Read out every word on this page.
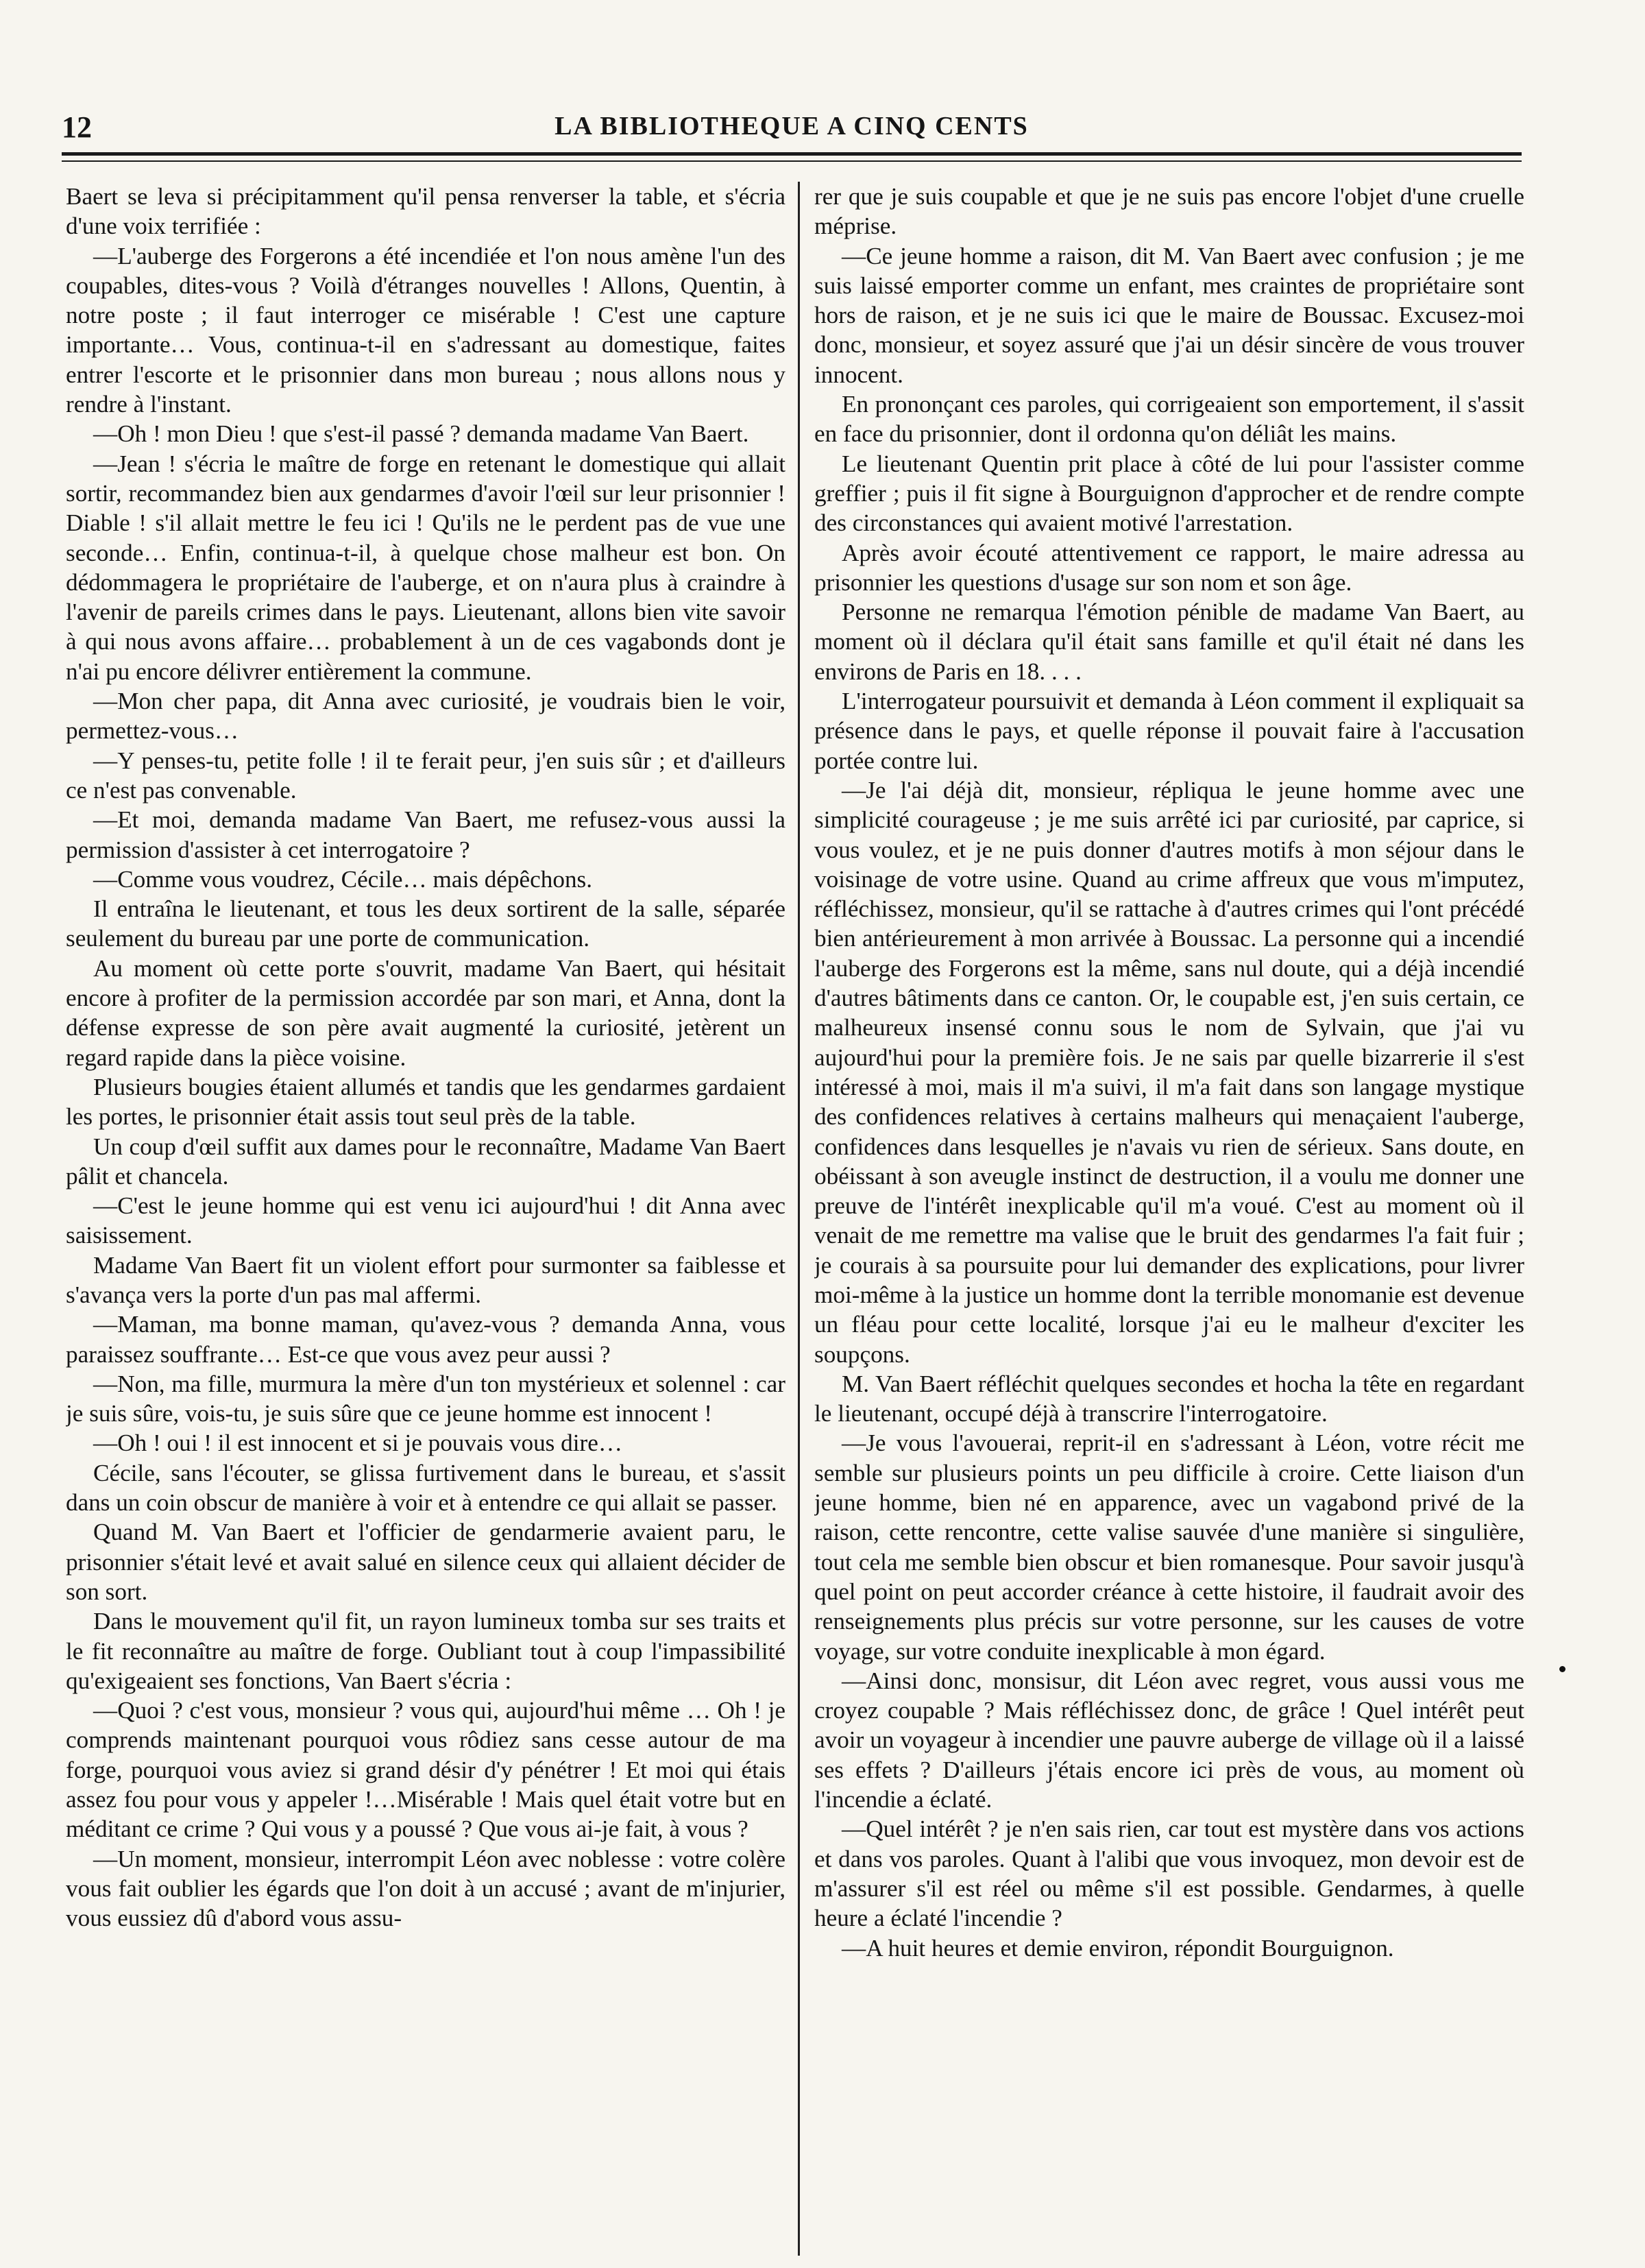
12	LA BIBLIOTHEQUE A CINQ CENTS

Baert se leva si précipitamment qu'il pensa renverser la table, et s'écria d'une voix terrifiée :

—L'auberge des Forgerons a été incendiée et l'on nous amène l'un des coupables, dites-vous ? Voilà d'étranges nouvelles ! Allons, Quentin, à notre poste ; il faut interroger ce misérable ! C'est une capture importante… Vous, continua-t-il en s'adressant au domestique, faites entrer l'escorte et le prisonnier dans mon bureau ; nous allons nous y rendre à l'instant.

—Oh ! mon Dieu ! que s'est-il passé ? demanda madame Van Baert.

—Jean ! s'écria le maître de forge en retenant le domestique qui allait sortir, recommandez bien aux gendarmes d'avoir l'œil sur leur prisonnier ! Diable ! s'il allait mettre le feu ici ! Qu'ils ne le perdent pas de vue une seconde… Enfin, continua-t-il, à quelque chose malheur est bon. On dédommagera le propriétaire de l'auberge, et on n'aura plus à craindre à l'avenir de pareils crimes dans le pays. Lieutenant, allons bien vite savoir à qui nous avons affaire… probablement à un de ces vagabonds dont je n'ai pu encore délivrer entièrement la commune.

—Mon cher papa, dit Anna avec curiosité, je voudrais bien le voir, permettez-vous…

—Y penses-tu, petite folle ! il te ferait peur, j'en suis sûr ; et d'ailleurs ce n'est pas convenable.

—Et moi, demanda madame Van Baert, me refusez-vous aussi la permission d'assister à cet interrogatoire ?

—Comme vous voudrez, Cécile… mais dépêchons.

Il entraîna le lieutenant, et tous les deux sortirent de la salle, séparée seulement du bureau par une porte de communication.

Au moment où cette porte s'ouvrit, madame Van Baert, qui hésitait encore à profiter de la permission accordée par son mari, et Anna, dont la défense expresse de son père avait augmenté la curiosité, jetèrent un regard rapide dans la pièce voisine.

Plusieurs bougies étaient allumés et tandis que les gendarmes gardaient les portes, le prisonnier était assis tout seul près de la table.

Un coup d'œil suffit aux dames pour le reconnaître, Madame Van Baert pâlit et chancela.

—C'est le jeune homme qui est venu ici aujourd'hui ! dit Anna avec saisissement.

Madame Van Baert fit un violent effort pour surmonter sa faiblesse et s'avança vers la porte d'un pas mal affermi.

—Maman, ma bonne maman, qu'avez-vous ? demanda Anna, vous paraissez souffrante… Est-ce que vous avez peur aussi ?

—Non, ma fille, murmura la mère d'un ton mystérieux et solennel : car je suis sûre, vois-tu, je suis sûre que ce jeune homme est innocent !

—Oh ! oui ! il est innocent et si je pouvais vous dire…

Cécile, sans l'écouter, se glissa furtivement dans le bureau, et s'assit dans un coin obscur de manière à voir et à entendre ce qui allait se passer.

Quand M. Van Baert et l'officier de gendarmerie avaient paru, le prisonnier s'était levé et avait salué en silence ceux qui allaient décider de son sort.

Dans le mouvement qu'il fit, un rayon lumineux tomba sur ses traits et le fit reconnaître au maître de forge. Oubliant tout à coup l'impassibilité qu'exigeaient ses fonctions, Van Baert s'écria :

—Quoi ? c'est vous, monsieur ? vous qui, aujourd'hui même … Oh ! je comprends maintenant pourquoi vous rôdiez sans cesse autour de ma forge, pourquoi vous aviez si grand désir d'y pénétrer ! Et moi qui étais assez fou pour vous y appeler !…Misérable ! Mais quel était votre but en méditant ce crime ? Qui vous y a poussé ? Que vous ai-je fait, à vous ?

—Un moment, monsieur, interrompit Léon avec noblesse : votre colère vous fait oublier les égards que l'on doit à un accusé ; avant de m'injurier, vous eussiez dû d'abord vous assu-

rer que je suis coupable et que je ne suis pas encore l'objet d'une cruelle méprise.

—Ce jeune homme a raison, dit M. Van Baert avec confusion ; je me suis laissé emporter comme un enfant, mes craintes de propriétaire sont hors de raison, et je ne suis ici que le maire de Boussac. Excusez-moi donc, monsieur, et soyez assuré que j'ai un désir sincère de vous trouver innocent.

En prononçant ces paroles, qui corrigeaient son emportement, il s'assit en face du prisonnier, dont il ordonna qu'on déliât les mains.

Le lieutenant Quentin prit place à côté de lui pour l'assister comme greffier ; puis il fit signe à Bourguignon d'approcher et de rendre compte des circonstances qui avaient motivé l'arrestation.

Après avoir écouté attentivement ce rapport, le maire adressa au prisonnier les questions d'usage sur son nom et son âge.

Personne ne remarqua l'émotion pénible de madame Van Baert, au moment où il déclara qu'il était sans famille et qu'il était né dans les environs de Paris en 18. . . .

L'interrogateur poursuivit et demanda à Léon comment il expliquait sa présence dans le pays, et quelle réponse il pouvait faire à l'accusation portée contre lui.

—Je l'ai déjà dit, monsieur, répliqua le jeune homme avec une simplicité courageuse ; je me suis arrêté ici par curiosité, par caprice, si vous voulez, et je ne puis donner d'autres motifs à mon séjour dans le voisinage de votre usine. Quand au crime affreux que vous m'imputez, réfléchissez, monsieur, qu'il se rattache à d'autres crimes qui l'ont précédé bien antérieurement à mon arrivée à Boussac. La personne qui a incendié l'auberge des Forgerons est la même, sans nul doute, qui a déjà incendié d'autres bâtiments dans ce canton. Or, le coupable est, j'en suis certain, ce malheureux insensé connu sous le nom de Sylvain, que j'ai vu aujourd'hui pour la première fois. Je ne sais par quelle bizarrerie il s'est intéressé à moi, mais il m'a suivi, il m'a fait dans son langage mystique des confidences relatives à certains malheurs qui menaçaient l'auberge, confidences dans lesquelles je n'avais vu rien de sérieux. Sans doute, en obéissant à son aveugle instinct de destruction, il a voulu me donner une preuve de l'intérêt inexplicable qu'il m'a voué. C'est au moment où il venait de me remettre ma valise que le bruit des gendarmes l'a fait fuir ; je courais à sa poursuite pour lui demander des explications, pour livrer moi-même à la justice un homme dont la terrible monomanie est devenue un fléau pour cette localité, lorsque j'ai eu le malheur d'exciter les soupçons.

M. Van Baert réfléchit quelques secondes et hocha la tête en regardant le lieutenant, occupé déjà à transcrire l'interrogatoire.

—Je vous l'avouerai, reprit-il en s'adressant à Léon, votre récit me semble sur plusieurs points un peu difficile à croire. Cette liaison d'un jeune homme, bien né en apparence, avec un vagabond privé de la raison, cette rencontre, cette valise sauvée d'une manière si singulière, tout cela me semble bien obscur et bien romanesque. Pour savoir jusqu'à quel point on peut accorder créance à cette histoire, il faudrait avoir des renseignements plus précis sur votre personne, sur les causes de votre voyage, sur votre conduite inexplicable à mon égard.

—Ainsi donc, monsisur, dit Léon avec regret, vous aussi vous me croyez coupable ? Mais réfléchissez donc, de grâce ! Quel intérêt peut avoir un voyageur à incendier une pauvre auberge de village où il a laissé ses effets ? D'ailleurs j'étais encore ici près de vous, au moment où l'incendie a éclaté.

—Quel intérêt ? je n'en sais rien, car tout est mystère dans vos actions et dans vos paroles. Quant à l'alibi que vous invoquez, mon devoir est de m'assurer s'il est réel ou même s'il est possible. Gendarmes, à quelle heure a éclaté l'incendie ?

—A huit heures et demie environ, répondit Bourguignon.
